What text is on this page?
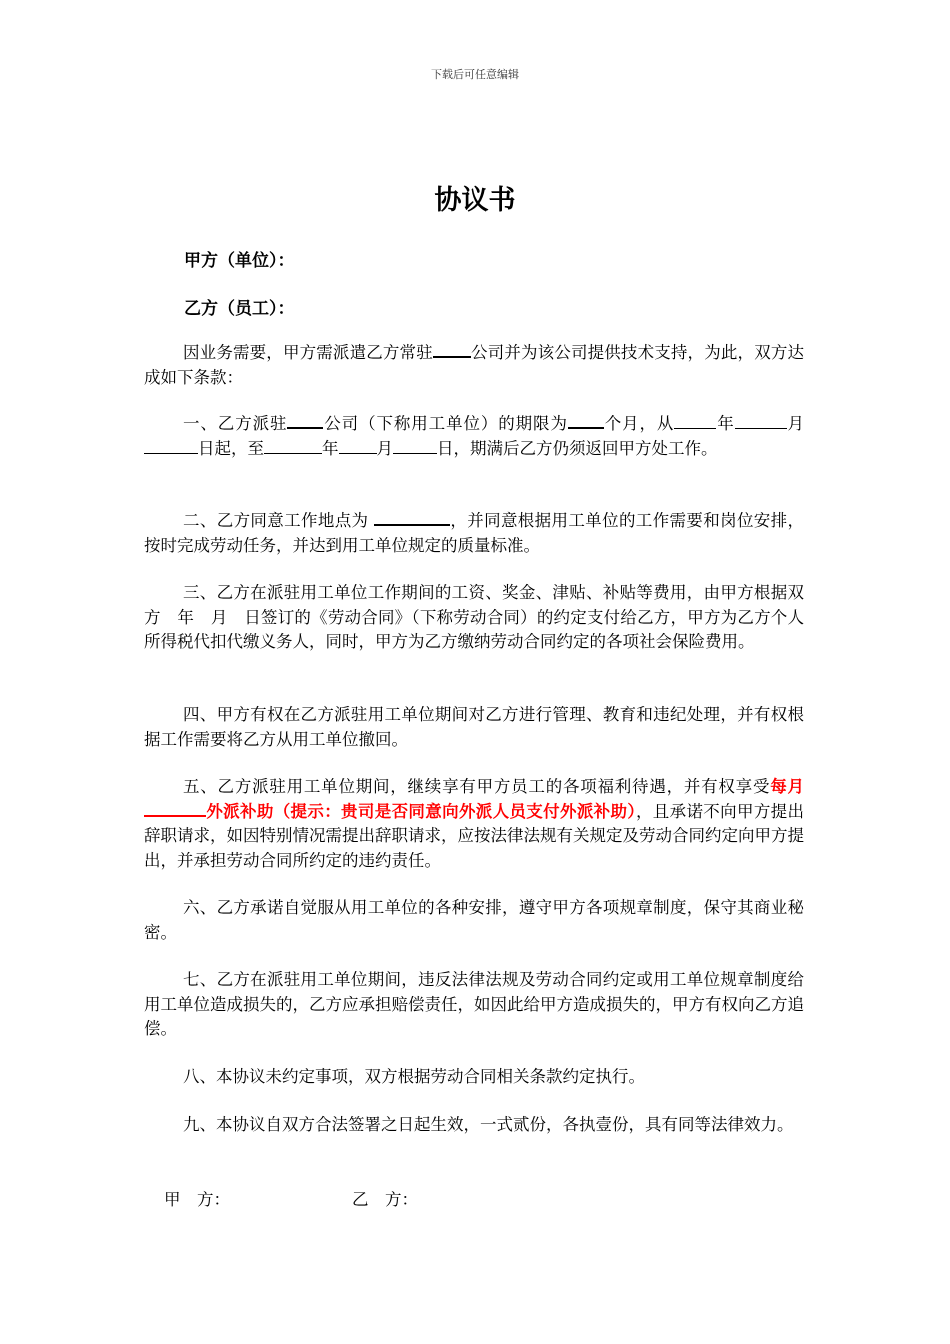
下载后可任意编辑
协议书
甲方（单位）：
乙方（员工）：
因业务需要，甲方需派遣乙方常驻 公司并为该公司提供技术支持，为此，双方达成如下条款：
一、乙方派驻 公司（下称用工单位）的期限为 个月，从	年	月日起，至	年 月	日，期满后乙方仍须返回甲方处工作。
二、乙方同意工作地点为	，并同意根据用工单位的工作需要和岗位安排，按时完成劳动任务，并达到用工单位规定的质量标准。
三、乙方在派驻用工单位工作期间的工资、奖金、津贴、补贴等费用，由甲方根据双方　年　月　日签订的《劳动合同》（下称劳动合同）的约定支付给乙方，甲方为乙方个人所得税代扣代缴义务人，同时，甲方为乙方缴纳劳动合同约定的各项社会保险费用。
四、甲方有权在乙方派驻用工单位期间对乙方进行管理、教育和违纪处理，并有权根据工作需要将乙方从用工单位撤回。
五、乙方派驻用工单位期间，继续享有甲方员工的各项福利待遇，并有权享受每月外派补助（提示：贵司是否同意向外派人员支付外派补助），且承诺不向甲方提出辞职请求，如因特别情况需提出辞职请求，应按法律法规有关规定及劳动合同约定向甲方提出，并承担劳动合同所约定的违约责任。
六、乙方承诺自觉服从用工单位的各种安排，遵守甲方各项规章制度，保守其商业秘密。
七、乙方在派驻用工单位期间，违反法律法规及劳动合同约定或用工单位规章制度给用工单位造成损失的，乙方应承担赔偿责任，如因此给甲方造成损失的，甲方有权向乙方追偿。
八、本协议未约定事项，双方根据劳动合同相关条款约定执行。
九、本协议自双方合法签署之日起生效，一式贰份，各执壹份，具有同等法律效力。
甲　方：	乙　方：
